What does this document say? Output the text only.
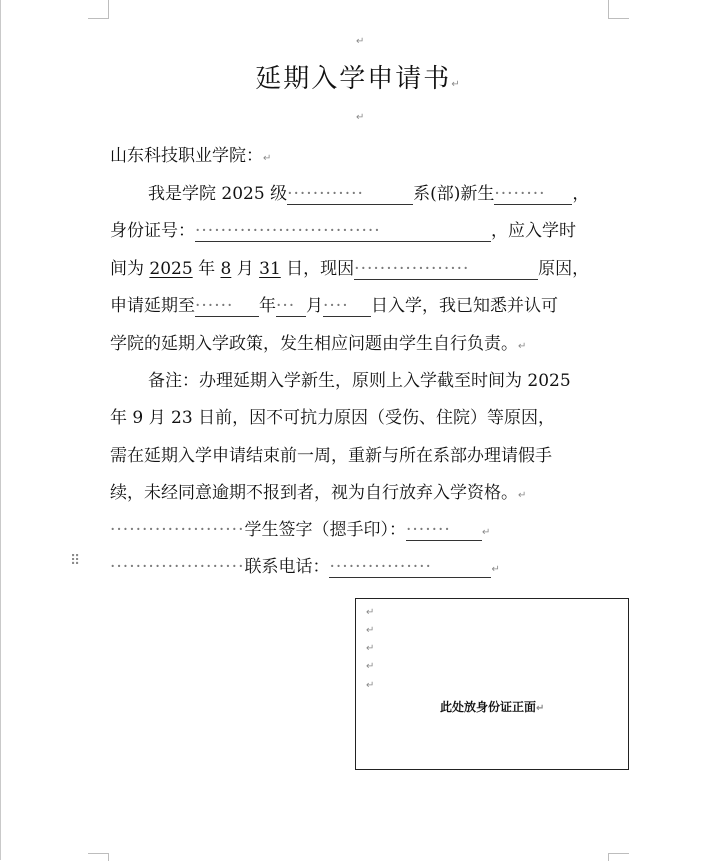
↵
延期入学申请书↵
↵
山东科技职业学院：↵
我是学院 2025 级············	系(部)新生········ ，
身份证号：·····························	，应入学时
间为 2025 年 8 月 31 日，现因··················	原因，
申请延期至······ 年··· 月···· 日入学，我已知悉并认可
学院的延期入学政策，发生相应问题由学生自行负责。↵
备注：办理延期入学新生，原则上入学截至时间为 2025
年 9 月 23 日前，因不可抗力原因（受伤、住院）等原因，
需在延期入学申请结束前一周，重新与所在系部办理请假手
续，未经同意逾期不报到者，视为自行放弃入学资格。↵
·····················学生签字（摁手印）：·······	↵
⠿ ·····················联系电话：················	↵
↵
↵
↵
↵
↵
此处放身份证正面↵
